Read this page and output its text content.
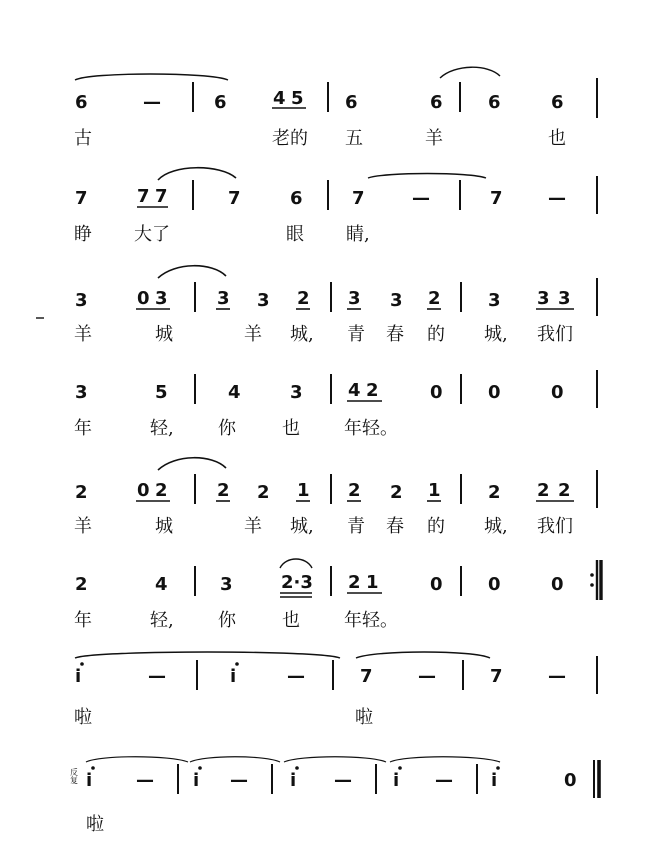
6	—	6	4 5 6	6	6	6
古	老的 五	羊	也
7	7 7	7	6	7	—	7	—
睁 大了	眼 睛,
3	0 3	3 3 2 3 3 2	3 3 3
羊	城	羊 城, 青 春 的 城, 我们
3	5	4	3	4 2	0	0	0
年	轻, 你	也 年轻。
2	0 2	2 2 1 2 2 1	2 2 2
羊	城	羊 城, 青 春 的 城, 我们
2	4	3	2·3 2 1	0	0	0
年	轻, 你	也 年轻。
i	—	i	—	7	—	7	—
啦	啦
反复 i — i — i — i — i	0
啦
